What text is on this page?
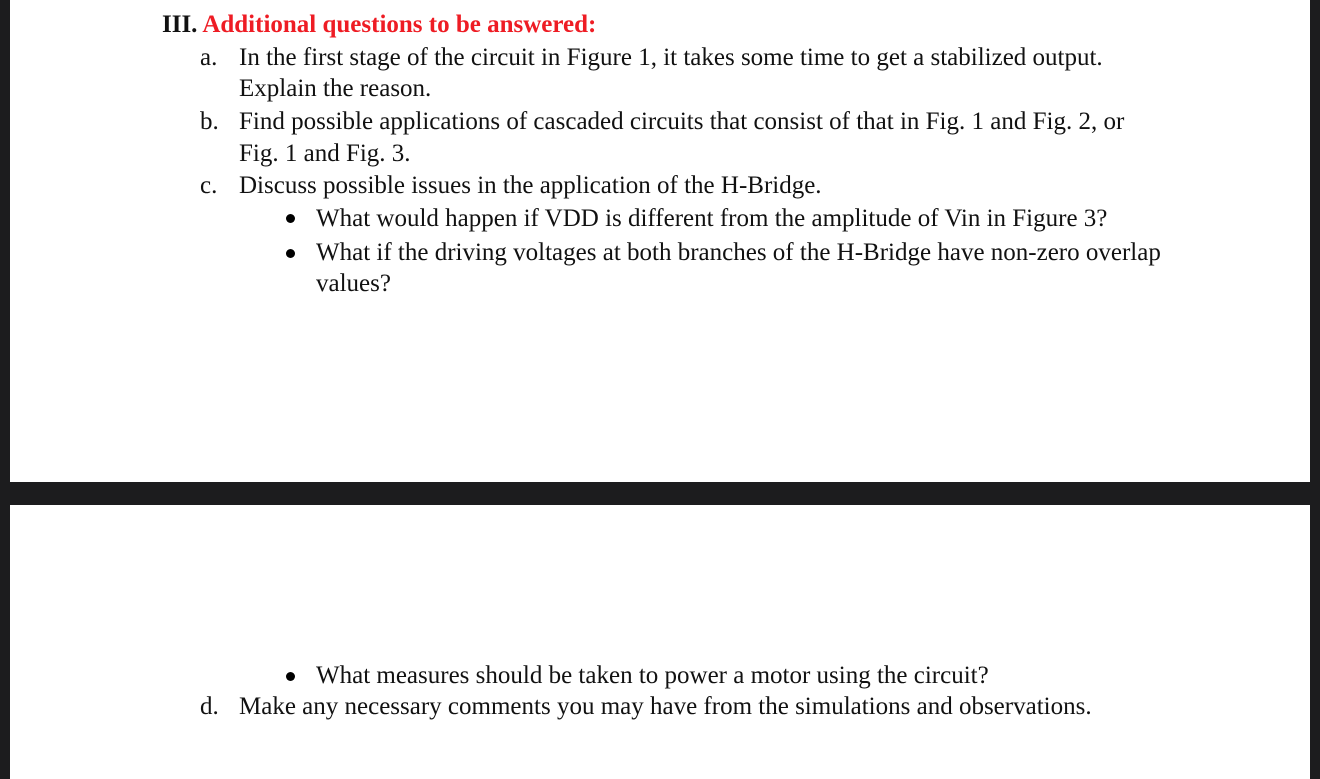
III. Additional questions to be answered:
a. In the first stage of the circuit in Figure 1, it takes some time to get a stabilized output.
Explain the reason.
b. Find possible applications of cascaded circuits that consist of that in Fig. 1 and Fig. 2, or
Fig. 1 and Fig. 3.
c. Discuss possible issues in the application of the H-Bridge.
What would happen if VDD is different from the amplitude of Vin in Figure 3?
What if the driving voltages at both branches of the H-Bridge have non-zero overlap
values?
What measures should be taken to power a motor using the circuit?
d. Make any necessary comments you may have from the simulations and observations.
